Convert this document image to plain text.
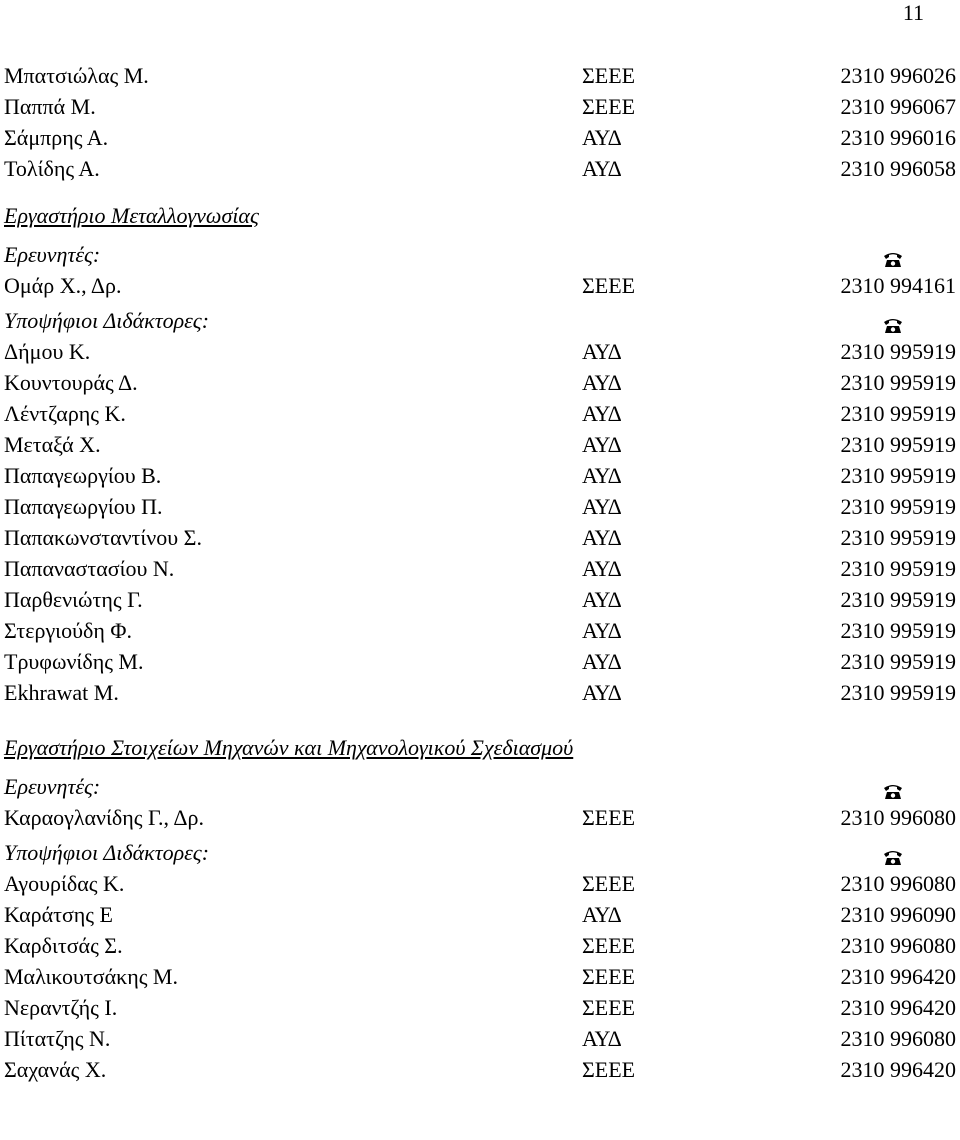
11
Μπατσιώλας Μ.	ΣΕΕΕ	2310 996026
Παππά Μ.	ΣΕΕΕ	2310 996067
Σάμπρης Α.	ΑΥΔ	2310 996016
Τολίδης Α.	ΑΥΔ	2310 996058
Εργαστήριο Μεταλλογνωσίας
Ερευνητές:
Ομάρ Χ., Δρ.	ΣΕΕΕ	2310 994161
Υποψήφιοι Διδάκτορες:
Δήμου Κ.	ΑΥΔ	2310 995919
Κουντουράς Δ.	ΑΥΔ	2310 995919
Λέντζαρης Κ.	ΑΥΔ	2310 995919
Μεταξά Χ.	ΑΥΔ	2310 995919
Παπαγεωργίου Β.	ΑΥΔ	2310 995919
Παπαγεωργίου Π.	ΑΥΔ	2310 995919
Παπακωνσταντίνου Σ.	ΑΥΔ	2310 995919
Παπαναστασίου Ν.	ΑΥΔ	2310 995919
Παρθενιώτης Γ.	ΑΥΔ	2310 995919
Στεργιούδη Φ.	ΑΥΔ	2310 995919
Τρυφωνίδης Μ.	ΑΥΔ	2310 995919
Ekhrawat M.	ΑΥΔ	2310 995919
Εργαστήριο Στοιχείων Μηχανών και Μηχανολογικού Σχεδιασμού
Ερευνητές:
Καραογλανίδης Γ., Δρ.	ΣΕΕΕ	2310 996080
Υποψήφιοι Διδάκτορες:
Αγουρίδας Κ.	ΣΕΕΕ	2310 996080
Καράτσης Ε	ΑΥΔ	2310 996090
Καρδιτσάς Σ.	ΣΕΕΕ	2310 996080
Μαλικουτσάκης Μ.	ΣΕΕΕ	2310 996420
Νεραντζής Ι.	ΣΕΕΕ	2310 996420
Πίτατζης Ν.	ΑΥΔ	2310 996080
Σαχανάς Χ.	ΣΕΕΕ	2310 996420
